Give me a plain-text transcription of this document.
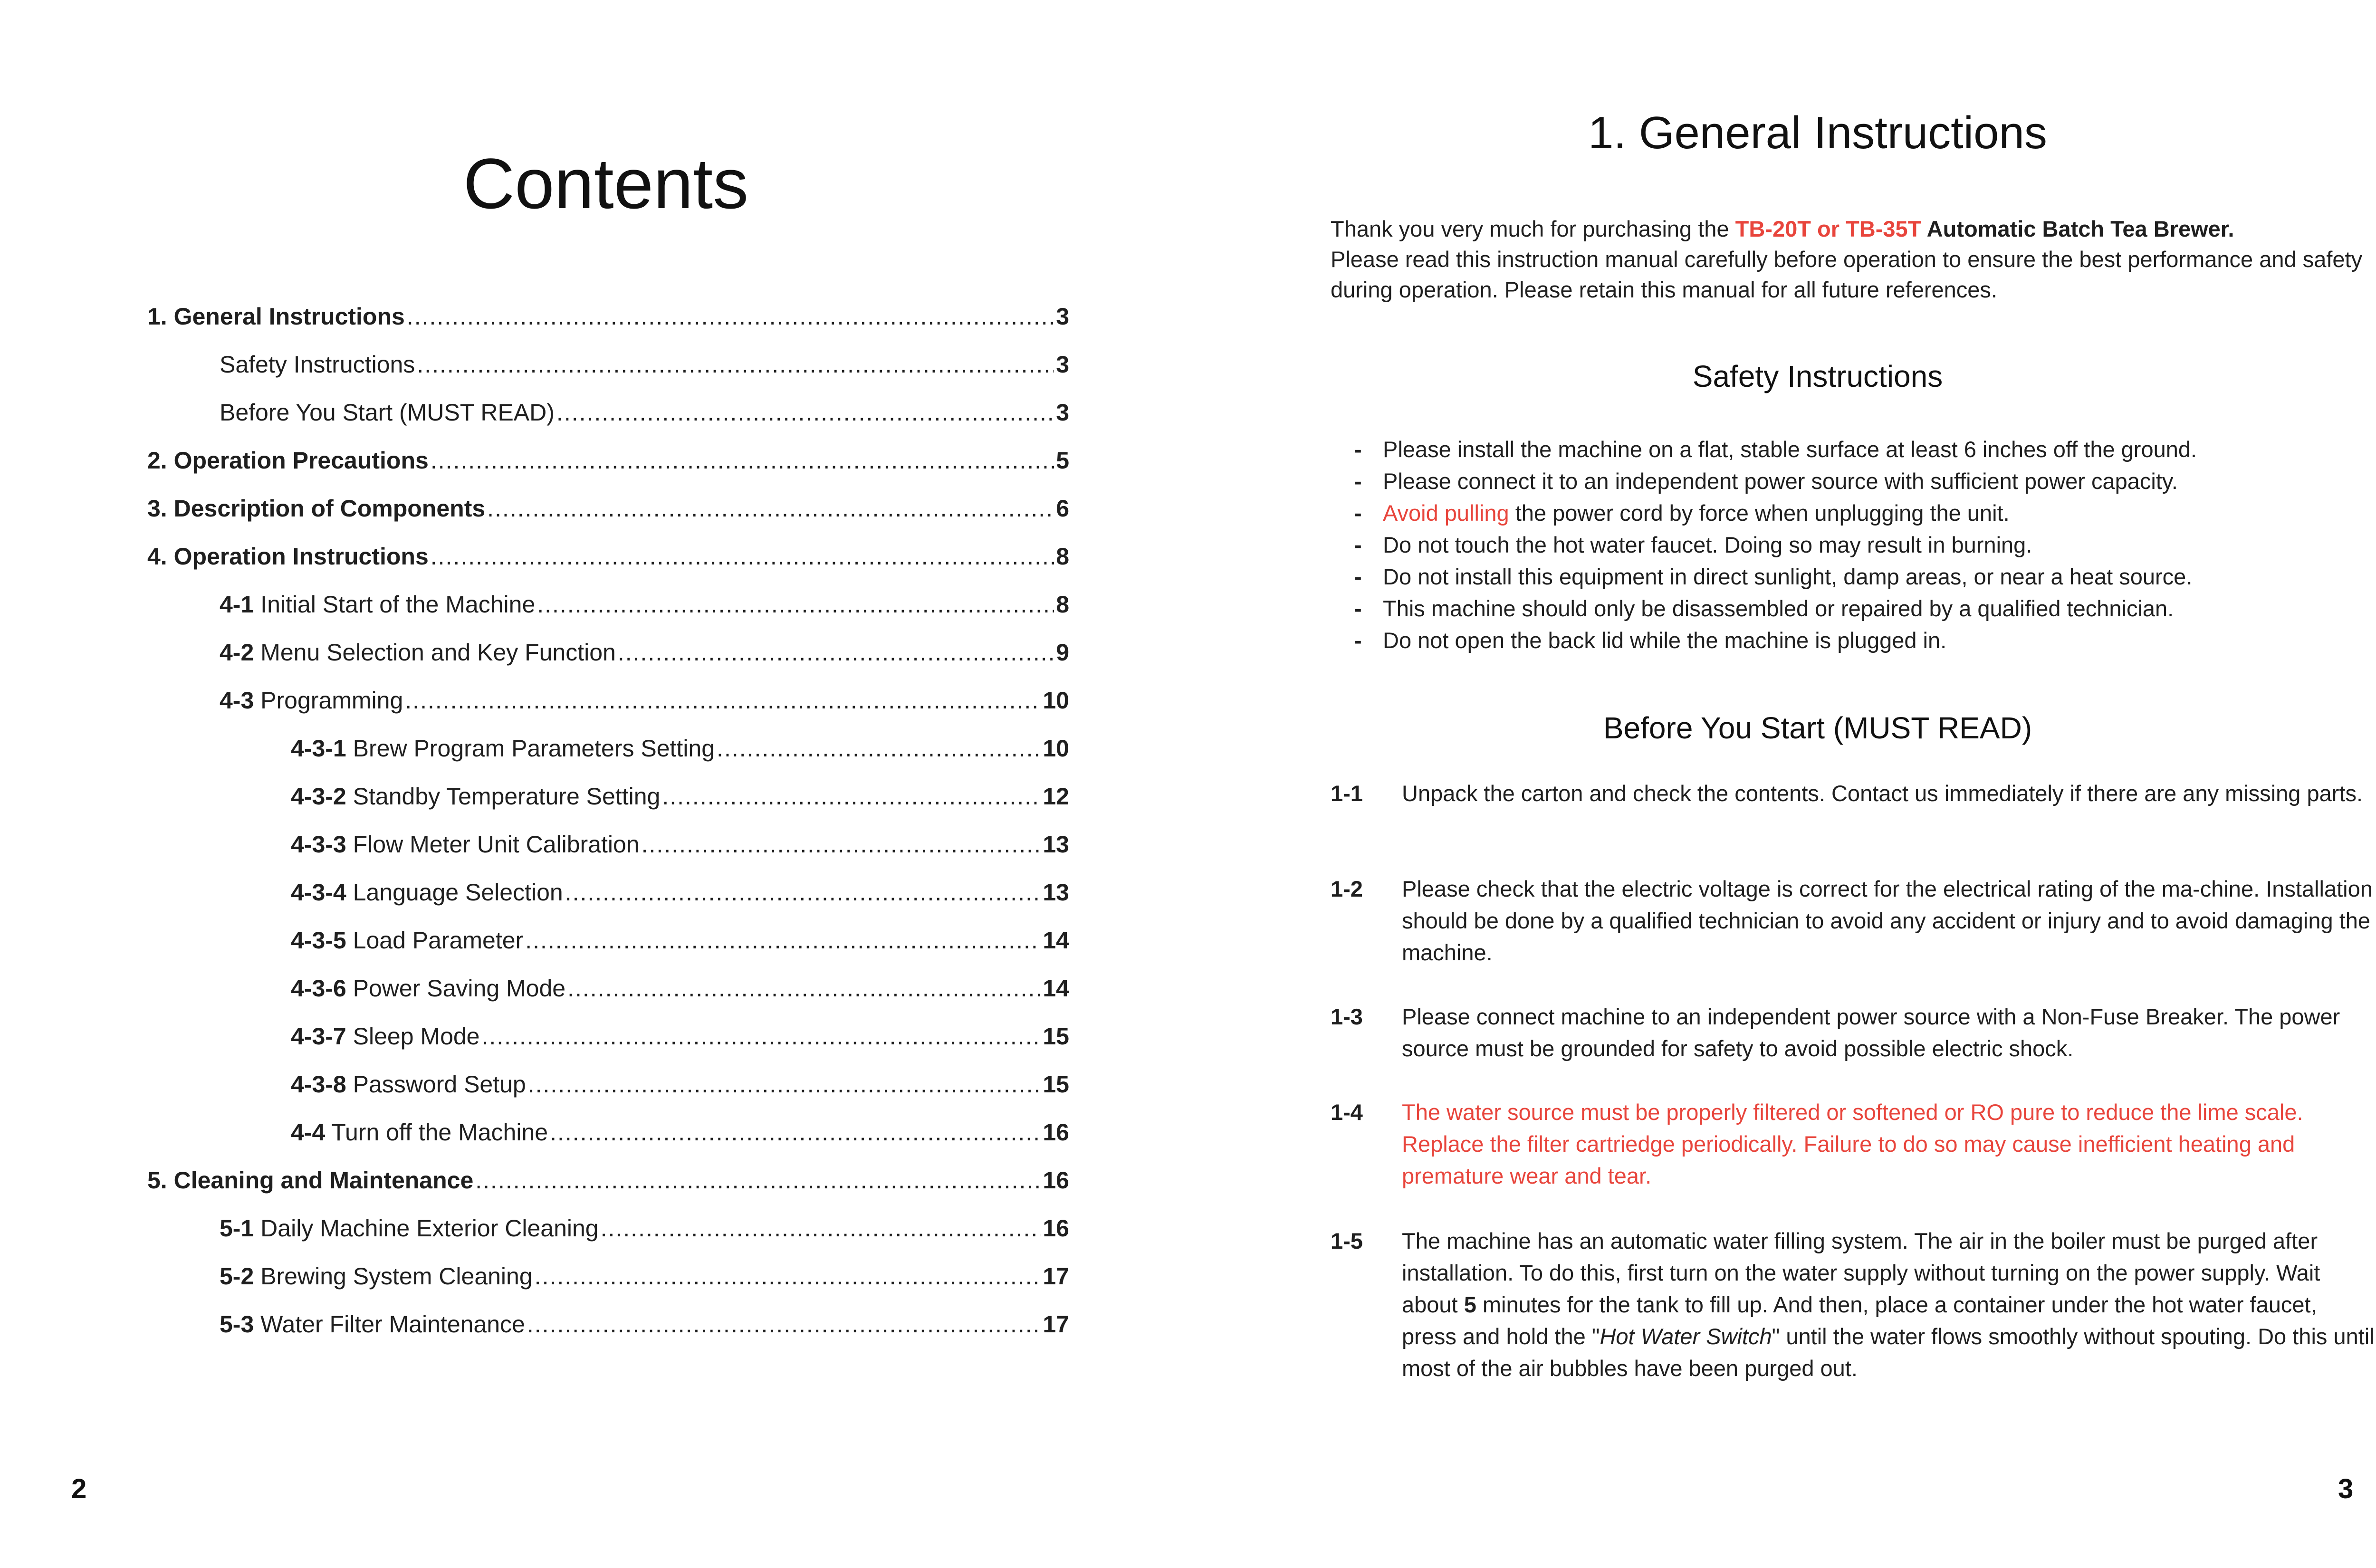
Contents
1. General Instructions .....	3
Safety Instructions .....	3
Before You Start (MUST READ) .....	3
2. Operation Precautions .....	5
3. Description of Components .....	6
4. Operation Instructions .....	8
4-1 Initial Start of the Machine .....	8
4-2 Menu Selection and Key Function .....	9
4-3 Programming .....	10
4-3-1 Brew Program Parameters Setting .....	10
4-3-2 Standby Temperature Setting .....	12
4-3-3 Flow Meter Unit Calibration .....	13
4-3-4 Language Selection .....	13
4-3-5 Load Parameter .....	14
4-3-6 Power Saving Mode .....	14
4-3-7 Sleep Mode .....	15
4-3-8 Password Setup .....	15
4-4 Turn off the Machine .....	16
5. Cleaning and Maintenance .....	16
5-1 Daily Machine Exterior Cleaning .....	16
5-2 Brewing System Cleaning .....	17
5-3 Water Filter Maintenance .....	17
2
1. General Instructions
Thank you very much for purchasing the TB-20T or TB-35T Automatic Batch Tea Brewer.
Please read this instruction manual carefully before operation to ensure the best performance and safety during operation. Please retain this manual for all future references.
Safety Instructions
- Please install the machine on a flat, stable surface at least 6 inches off the ground.
- Please connect it to an independent power source with sufficient power capacity.
- Avoid pulling the power cord by force when unplugging the unit.
- Do not touch the hot water faucet. Doing so may result in burning.
- Do not install this equipment in direct sunlight, damp areas, or near a heat source.
- This machine should only be disassembled or repaired by a qualified technician.
- Do not open the back lid while the machine is plugged in.
Before You Start (MUST READ)
1-1 Unpack the carton and check the contents. Contact us immediately if there are any missing parts.
1-2 Please check that the electric voltage is correct for the electrical rating of the ma-chine. Installation should be done by a qualified technician to avoid any accident or injury and to avoid damaging the machine.
1-3 Please connect machine to an independent power source with a Non-Fuse Breaker. The power source must be grounded for safety to avoid possible electric shock.
1-4 The water source must be properly filtered or softened or RO pure to reduce the lime scale. Replace the filter cartriedge periodically. Failure to do so may cause inefficient heating and premature wear and tear.
1-5 The machine has an automatic water filling system. The air in the boiler must be purged after installation. To do this, first turn on the water supply without turning on the power supply. Wait about 5 minutes for the tank to fill up. And then, place a container under the hot water faucet, press and hold the "Hot Water Switch" until the water flows smoothly without spouting. Do this until most of the air bubbles have been purged out.
3
